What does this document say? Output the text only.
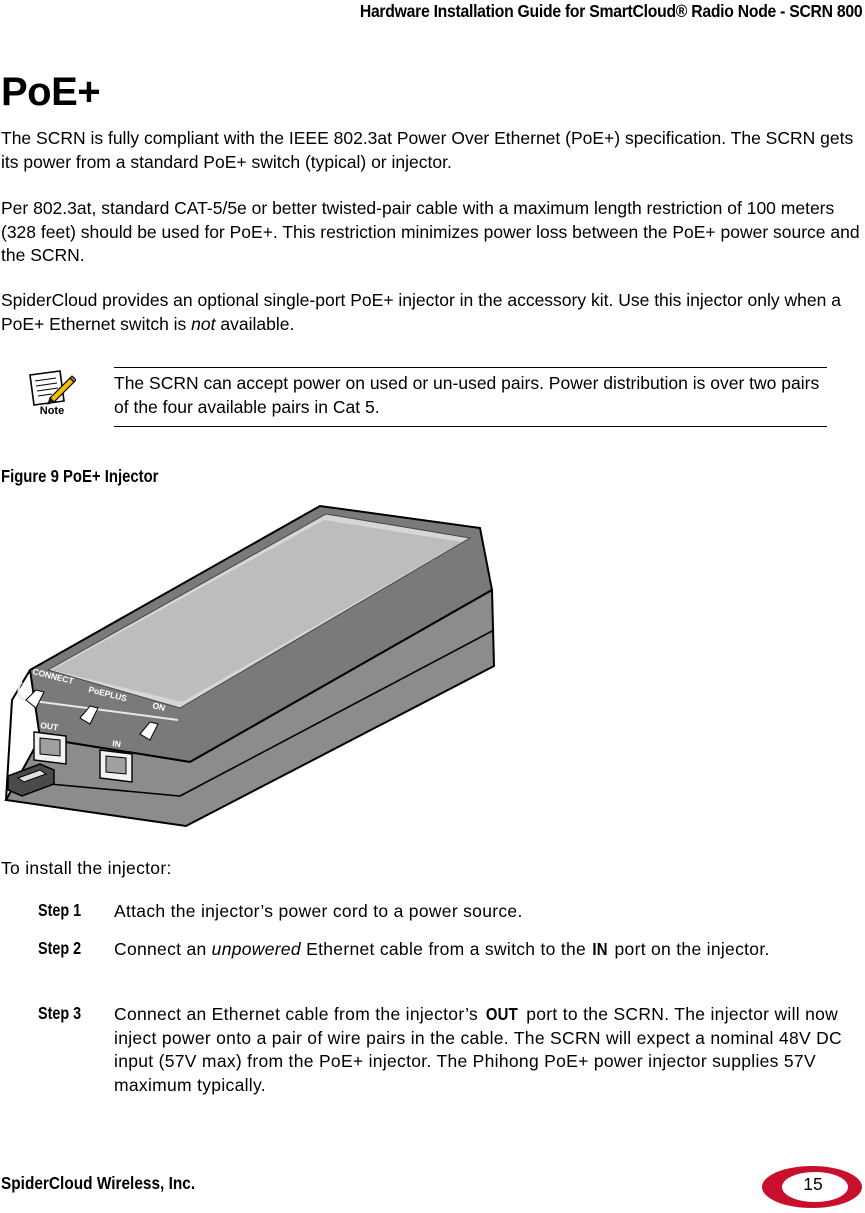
Hardware Installation Guide for SmartCloud® Radio Node - SCRN 800
PoE+
The SCRN is fully compliant with the IEEE 802.3at Power Over Ethernet (PoE+) specification. The SCRN gets its power from a standard PoE+ switch (typical) or injector.
Per 802.3at, standard CAT-5/5e or better twisted-pair cable with a maximum length restriction of 100 meters (328 feet) should be used for PoE+. This restriction minimizes power loss between the PoE+ power source and the SCRN.
SpiderCloud provides an optional single-port PoE+ injector in the accessory kit. Use this injector only when a PoE+ Ethernet switch is not available.
Note
The SCRN can accept power on used or un-used pairs. Power distribution is over two pairs of the four available pairs in Cat 5.
Figure 9 PoE+ Injector
CONNECT
PoEPLUS
ON
OUT
IN
To install the injector:
Step 1 Attach the injector’s power cord to a power source.
Step 2 Connect an unpowered Ethernet cable from a switch to the IN port on the injector.
Step 3 Connect an Ethernet cable from the injector’s OUT port to the SCRN. The injector will now inject power onto a pair of wire pairs in the cable. The SCRN will expect a nominal 48V DC input (57V max) from the PoE+ injector. The Phihong PoE+ power injector supplies 57V maximum typically.
SpiderCloud Wireless, Inc.	15
